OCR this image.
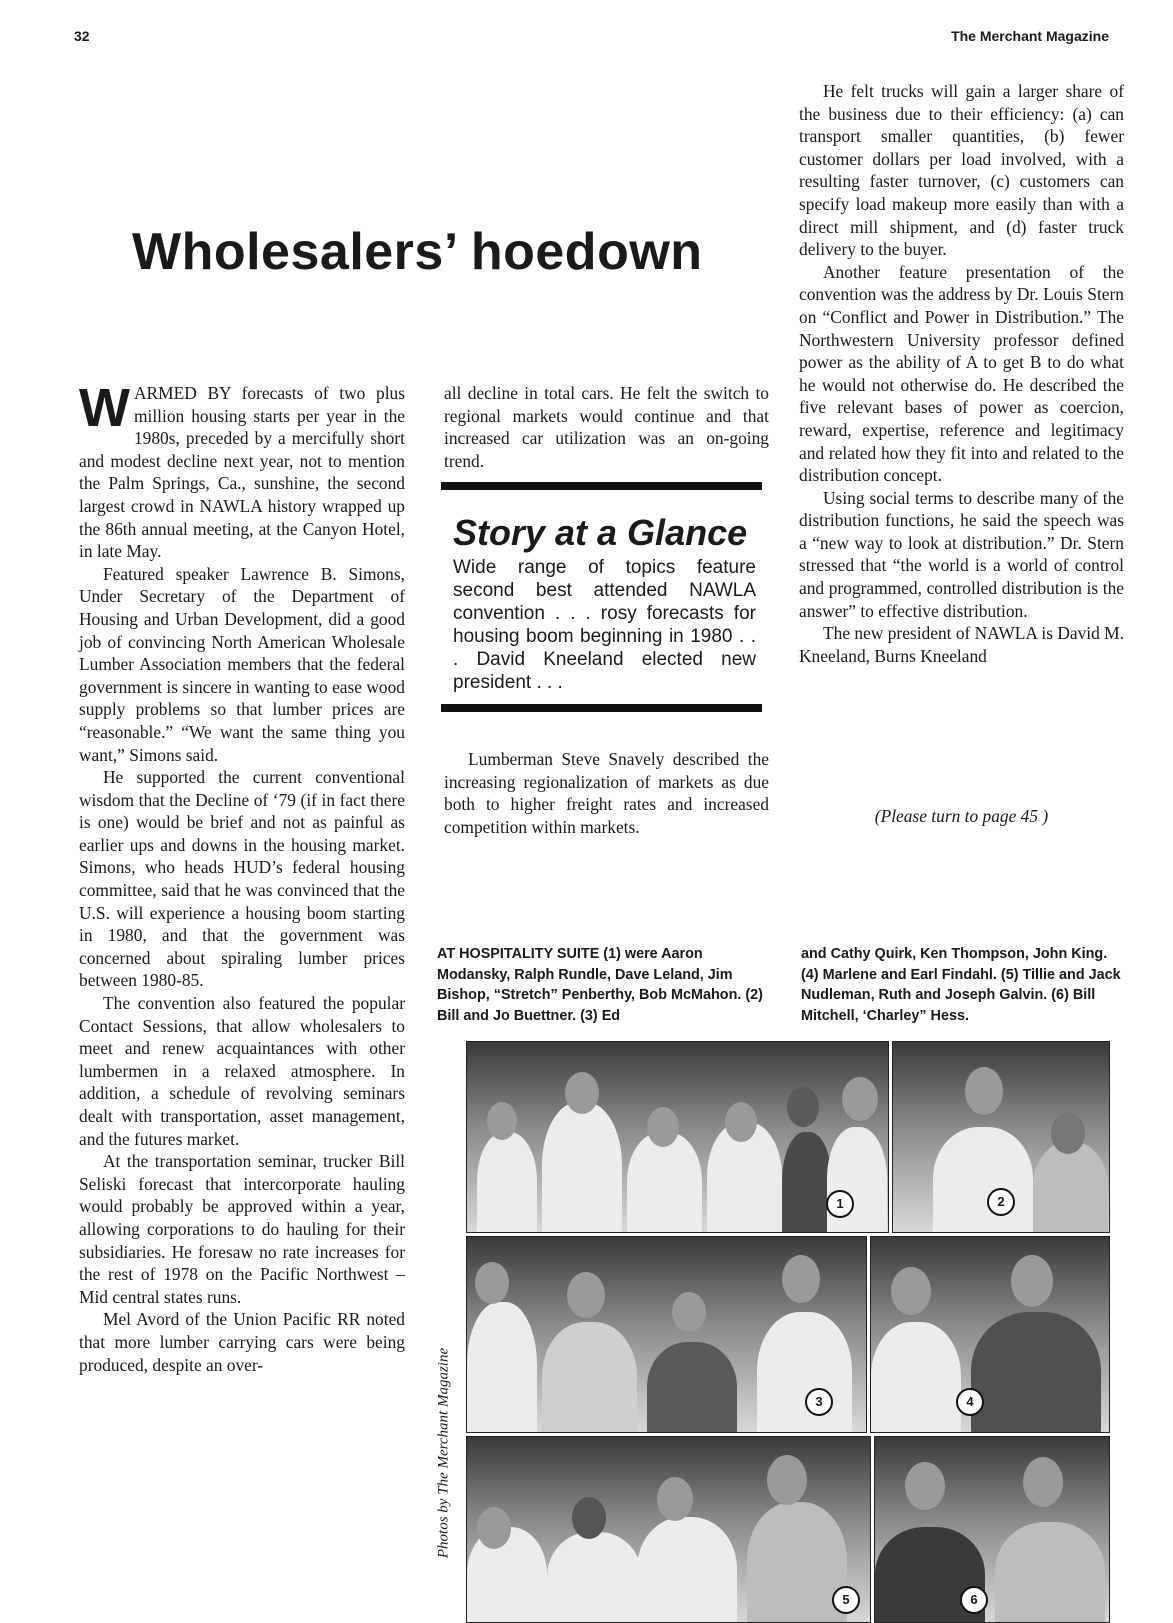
32	The Merchant Magazine
Wholesalers’ hoedown

WARMED BY forecasts of two plus million housing starts per year in the 1980s, preceded by a mercifully short and modest decline next year, not to mention the Palm Springs, Ca., sunshine, the second largest crowd in NAWLA history wrapped up the 86th annual meeting, at the Canyon Hotel, in late May.

Featured speaker Lawrence B. Simons, Under Secretary of the Department of Housing and Urban Development, did a good job of convincing North American Wholesale Lumber Association members that the federal government is sincere in wanting to ease wood supply problems so that lumber prices are “reasonable.” “We want the same thing you want,” Simons said.

He supported the current conventional wisdom that the Decline of ‘79 (if in fact there is one) would be brief and not as painful as earlier ups and downs in the housing market. Simons, who heads HUD’s federal housing committee, said that he was convinced that the U.S. will experience a housing boom starting in 1980, and that the government was concerned about spiraling lumber prices between 1980-85.

The convention also featured the popular Contact Sessions, that allow wholesalers to meet and renew acquaintances with other lumbermen in a relaxed atmosphere. In addition, a schedule of revolving seminars dealt with transportation, asset management, and the futures market.

At the transportation seminar, trucker Bill Seliski forecast that intercorporate hauling would probably be approved within a year, allowing corporations to do hauling for their subsidiaries. He foresaw no rate increases for the rest of 1978 on the Pacific Northwest – Mid central states runs.

Mel Avord of the Union Pacific RR noted that more lumber carrying cars were being produced, despite an over-

all decline in total cars. He felt the switch to regional markets would continue and that increased car utilization was an on-going trend.

Story at a Glance
Wide range of topics feature second best attended NAWLA convention . . . rosy forecasts for housing boom beginning in 1980 . . . David Kneeland elected new president . . .

Lumberman Steve Snavely described the increasing regionalization of markets as due both to higher freight rates and increased competition within markets.

He felt trucks will gain a larger share of the business due to their efficiency: (a) can transport smaller quantities, (b) fewer customer dollars per load involved, with a resulting faster turnover, (c) customers can specify load makeup more easily than with a direct mill shipment, and (d) faster truck delivery to the buyer.

Another feature presentation of the convention was the address by Dr. Louis Stern on “Conflict and Power in Distribution.” The Northwestern University professor defined power as the ability of A to get B to do what he would not otherwise do. He described the five relevant bases of power as coercion, reward, expertise, reference and legitimacy and related how they fit into and related to the distribution concept.

Using social terms to describe many of the distribution functions, he said the speech was a “new way to look at distribution.” Dr. Stern stressed that “the world is a world of control and programmed, controlled distribution is the answer” to effective distribution.

The new president of NAWLA is David M. Kneeland, Burns Kneeland

(Please turn to page 45 )
AT HOSPITALITY SUITE (1) were Aaron Modansky, Ralph Rundle, Dave Leland, Jim Bishop, “Stretch” Penberthy, Bob McMahon. (2) Bill and Jo Buettner. (3) Ed
and Cathy Quirk, Ken Thompson, John King. (4) Marlene and Earl Findahl. (5) Tillie and Jack Nudleman, Ruth and Joseph Galvin. (6) Bill Mitchell, ‘Charley” Hess.
Photos by The Merchant Magazine
1	2
3	4
5	6
